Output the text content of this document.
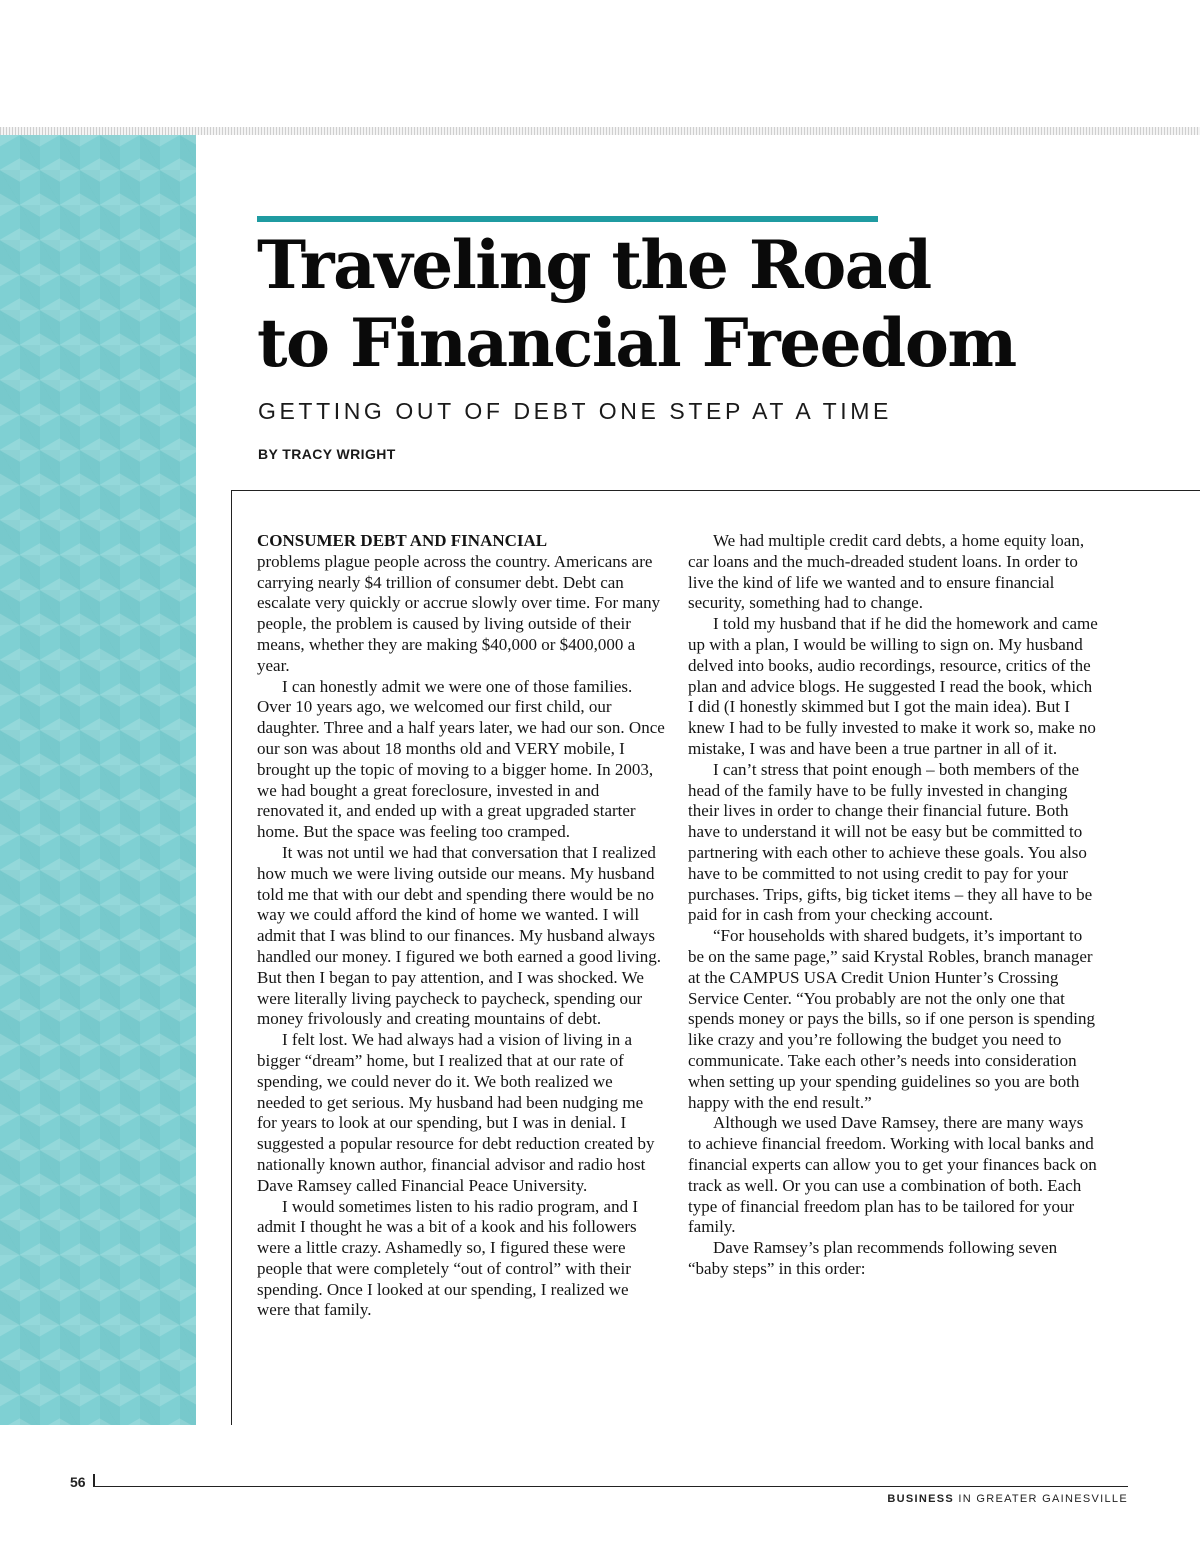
Traveling the Road
to Financial Freedom
GETTING OUT OF DEBT ONE STEP AT A TIME

BY TRACY WRIGHT

CONSUMER DEBT AND FINANCIAL
problems plague people across the country. Americans are carrying nearly $4 trillion of consumer debt. Debt can escalate very quickly or accrue slowly over time. For many people, the problem is caused by living outside of their means, whether they are making $40,000 or $400,000 a year.

I can honestly admit we were one of those families. Over 10 years ago, we welcomed our first child, our daughter. Three and a half years later, we had our son. Once our son was about 18 months old and VERY mobile, I brought up the topic of moving to a bigger home. In 2003, we had bought a great foreclosure, invested in and renovated it, and ended up with a great upgraded starter home. But the space was feeling too cramped.

It was not until we had that conversation that I realized how much we were living outside our means. My husband told me that with our debt and spending there would be no way we could afford the kind of home we wanted. I will admit that I was blind to our finances. My husband always handled our money. I figured we both earned a good living. But then I began to pay attention, and I was shocked. We were literally living paycheck to paycheck, spending our money frivolously and creating mountains of debt.

I felt lost. We had always had a vision of living in a bigger “dream” home, but I realized that at our rate of spending, we could never do it. We both realized we needed to get serious. My husband had been nudging me for years to look at our spending, but I was in denial. I suggested a popular resource for debt reduction created by nationally known author, financial advisor and radio host Dave Ramsey called Financial Peace University.

I would sometimes listen to his radio program, and I admit I thought he was a bit of a kook and his followers were a little crazy. Ashamedly so, I figured these were people that were completely “out of control” with their spending. Once I looked at our spending, I realized we were that family.

We had multiple credit card debts, a home equity loan, car loans and the much-dreaded student loans. In order to live the kind of life we wanted and to ensure financial security, something had to change.

I told my husband that if he did the homework and came up with a plan, I would be willing to sign on. My husband delved into books, audio recordings, resource, critics of the plan and advice blogs. He suggested I read the book, which I did (I honestly skimmed but I got the main idea). But I knew I had to be fully invested to make it work so, make no mistake, I was and have been a true partner in all of it.

I can’t stress that point enough – both members of the head of the family have to be fully invested in changing their lives in order to change their financial future. Both have to understand it will not be easy but be committed to partnering with each other to achieve these goals. You also have to be committed to not using credit to pay for your purchases. Trips, gifts, big ticket items – they all have to be paid for in cash from your checking account.

“For households with shared budgets, it’s important to be on the same page,” said Krystal Robles, branch manager at the CAMPUS USA Credit Union Hunter’s Crossing Service Center. “You probably are not the only one that spends money or pays the bills, so if one person is spending like crazy and you’re following the budget you need to communicate. Take each other’s needs into consideration when setting up your spending guidelines so you are both happy with the end result.”

Although we used Dave Ramsey, there are many ways to achieve financial freedom. Working with local banks and financial experts can allow you to get your finances back on track as well. Or you can use a combination of both. Each type of financial freedom plan has to be tailored for your family.

Dave Ramsey’s plan recommends following seven “baby steps” in this order:

56
BUSINESS IN GREATER GAINESVILLE
